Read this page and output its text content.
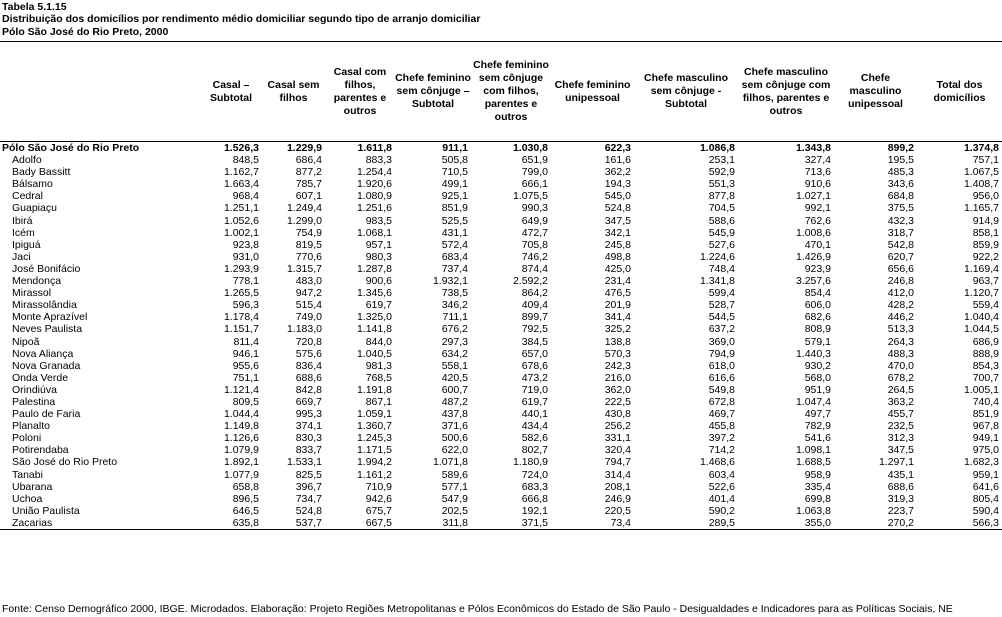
Tabela 5.1.15
Distribuição dos domicílios por rendimento médio domiciliar segundo tipo de arranjo domiciliar
Pólo São José do Rio Preto, 2000
	Casal – Subtotal	Casal sem filhos	Casal com filhos, parentes e outros	Chefe feminino sem cônjuge – Subtotal	Chefe feminino sem cônjuge com filhos, parentes e outros	Chefe feminino unipessoal	Chefe masculino sem cônjuge - Subtotal	Chefe masculino sem cônjuge com filhos, parentes e outros	Chefe masculino unipessoal	Total dos domicílios
Pólo São José do Rio Preto	1.526,3	1.229,9	1.611,8	911,1	1.030,8	622,3	1.086,8	1.343,8	899,2	1.374,8
Adolfo	848,5	686,4	883,3	505,8	651,9	161,6	253,1	327,4	195,5	757,1
Bady Bassitt	1.162,7	877,2	1.254,4	710,5	799,0	362,2	592,9	713,6	485,3	1.067,5
Bálsamo	1.663,4	785,7	1.920,6	499,1	666,1	194,3	551,3	910,6	343,6	1.408,7
Cedral	968,4	607,1	1.080,9	925,1	1.075,5	545,0	877,8	1.027,1	684,8	956,0
Guapiaçu	1.251,1	1.249,4	1.251,6	851,9	990,3	524,8	704,5	992,1	375,5	1.165,7
Ibirá	1.052,6	1.299,0	983,5	525,5	649,9	347,5	588,6	762,6	432,3	914,9
Icém	1.002,1	754,9	1.068,1	431,1	472,7	342,1	545,9	1.008,6	318,7	858,1
Ipiguá	923,8	819,5	957,1	572,4	705,8	245,8	527,6	470,1	542,8	859,9
Jaci	931,0	770,6	980,3	683,4	746,2	498,8	1.224,6	1.426,9	620,7	922,2
José Bonifácio	1.293,9	1.315,7	1.287,8	737,4	874,4	425,0	748,4	923,9	656,6	1.169,4
Mendonça	778,1	483,0	900,6	1.932,1	2.592,2	231,4	1.341,8	3.257,6	246,8	963,7
Mirassol	1.265,5	947,2	1.345,6	738,5	864,2	476,5	599,4	854,4	412,0	1.120,7
Mirassolândia	596,3	515,4	619,7	346,2	409,4	201,9	528,7	606,0	428,2	559,4
Monte Aprazível	1.178,4	749,0	1.325,0	711,1	899,7	341,4	544,5	682,6	446,2	1.040,4
Neves Paulista	1.151,7	1.183,0	1.141,8	676,2	792,5	325,2	637,2	808,9	513,3	1.044,5
Nipoã	811,4	720,8	844,0	297,3	384,5	138,8	369,0	579,1	264,3	686,9
Nova Aliança	946,1	575,6	1.040,5	634,2	657,0	570,3	794,9	1.440,3	488,3	888,9
Nova Granada	955,6	836,4	981,3	558,1	678,6	242,3	618,0	930,2	470,0	854,3
Onda Verde	751,1	688,6	768,5	420,5	473,2	216,0	616,6	568,0	678,2	700,7
Orindiúva	1.121,4	842,8	1.191,8	600,7	719,0	362,0	549,8	951,9	264,5	1.005,1
Palestina	809,5	669,7	867,1	487,2	619,7	222,5	672,8	1.047,4	363,2	740,4
Paulo de Faria	1.044,4	995,3	1.059,1	437,8	440,1	430,8	469,7	497,7	455,7	851,9
Planalto	1.149,8	374,1	1.360,7	371,6	434,4	256,2	455,8	782,9	232,5	967,8
Poloni	1.126,6	830,3	1.245,3	500,6	582,6	331,1	397,2	541,6	312,3	949,1
Potirendaba	1.079,9	833,7	1.171,5	622,0	802,7	320,4	714,2	1.098,1	347,5	975,0
São José do Rio Preto	1.892,1	1.533,1	1.994,2	1.071,8	1.180,9	794,7	1.468,6	1.688,5	1.297,1	1.682,3
Tanabi	1.077,9	825,5	1.161,2	589,6	724,0	314,4	603,4	958,9	435,1	959,1
Ubarana	658,8	396,7	710,9	577,1	683,3	208,1	522,6	335,4	688,6	641,6
Uchoa	896,5	734,7	942,6	547,9	666,8	246,9	401,4	699,8	319,3	805,4
União Paulista	646,5	524,8	675,7	202,5	192,1	220,5	590,2	1.063,8	223,7	590,4
Zacarias	635,8	537,7	667,5	311,8	371,5	73,4	289,5	355,0	270,2	566,3
Fonte: Censo Demográfico 2000, IBGE. Microdados. Elaboração: Projeto Regiões Metropolitanas e Pólos Econômicos do Estado de São Paulo - Desigualdades e Indicadores para as Políticas Sociais, NE
